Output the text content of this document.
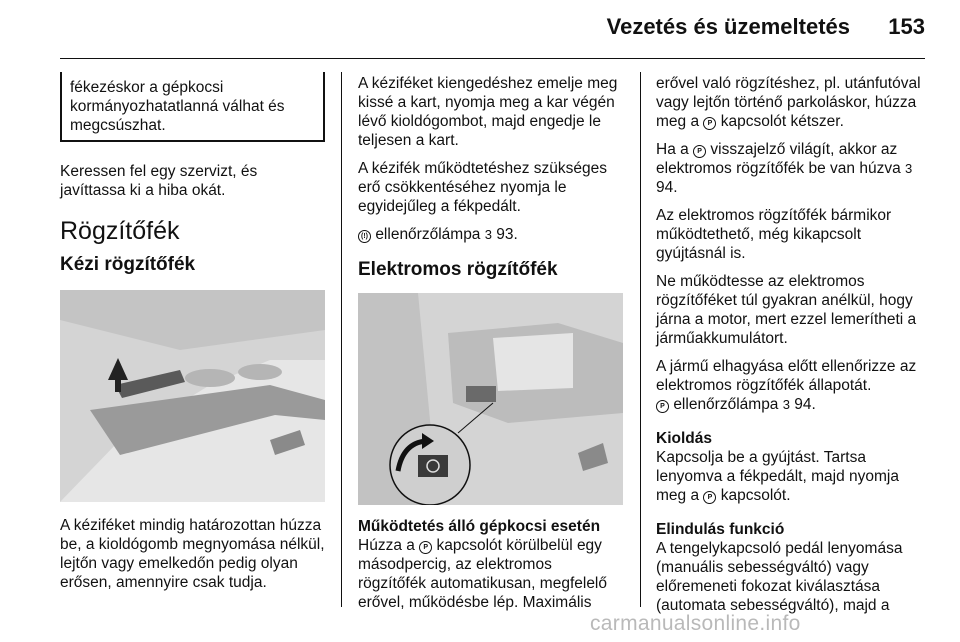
Vezetés és üzemeltetés	153

fékezéskor a gépkocsi

kormányozhatatlanná válhat és

megcsúszhat.

Keressen fel egy szervizt, és javíttassa ki a hiba okát.

Rögzítőfék
Kézi rögzítőfék

A kéziféket mindig határozottan húzza be, a kioldógomb megnyomása nélkül, lejtőn vagy emelkedőn pedig olyan erősen, amennyire csak tudja.

A kéziféket kiengedéshez emelje meg kissé a kart, nyomja meg a kar végén lévő kioldógombot, majd engedje le teljesen a kart.

A kézifék működtetéshez szükséges erő csökkentéséhez nyomja le egyidejűleg a fékpedált.

(!) ellenőrzőlámpa 3 93.

Elektromos rögzítőfék
Működtetés álló gépkocsi esetén

Húzza a P kapcsolót körülbelül egy másodpercig, az elektromos rögzítőfék automatikusan, megfelelő erővel, működésbe lép. Maximális

erővel való rögzítéshez, pl. utánfutóval vagy lejtőn történő parkoláskor, húzza meg a P kapcsolót kétszer.

Ha a P visszajelző világít, akkor az elektromos rögzítőfék be van húzva 3 94.

Az elektromos rögzítőfék bármikor működtethető, még kikapcsolt gyújtásnál is.

Ne működtesse az elektromos rögzítőféket túl gyakran anélkül, hogy járna a motor, mert ezzel lemerítheti a járműakkumulátort.

A jármű elhagyása előtt ellenőrizze az elektromos rögzítőfék állapotát.
P ellenőrzőlámpa 3 94.

Kioldás

Kapcsolja be a gyújtást. Tartsa lenyomva a fékpedált, majd nyomja meg a P kapcsolót.

Elindulás funkció

A tengelykapcsoló pedál lenyomása (manuális sebességváltó) vagy előremeneti fokozat kiválasztása (automata sebességváltó), majd a

carmanualsonline.info
